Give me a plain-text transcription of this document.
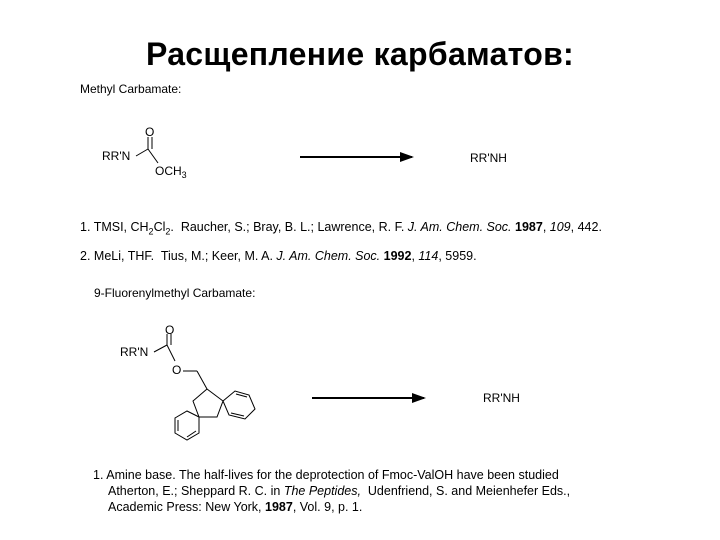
Расщепление карбаматов:
Methyl Carbamate:
RR'N
O
$OCH_3$
RR'NH
1. TMSI, $CH_2Cl_2$. Raucher, S.; Bray, B. L.; Lawrence, R. F. J. Am. Chem. Soc. 1987, 109, 442.
2. MeLi, THF. Tius, M.; Keer, M. A. J. Am. Chem. Soc. 1992, 114, 5959.
9-Fluorenylmethyl Carbamate:
RR'N
O
O
RR'NH
1. Amine base. The half-lives for the deprotection of Fmoc-ValOH have been studied
Atherton, E.; Sheppard R. C. in The Peptides, Udenfriend, S. and Meienhefer Eds.,
Academic Press: New York, 1987, Vol. 9, p. 1.
